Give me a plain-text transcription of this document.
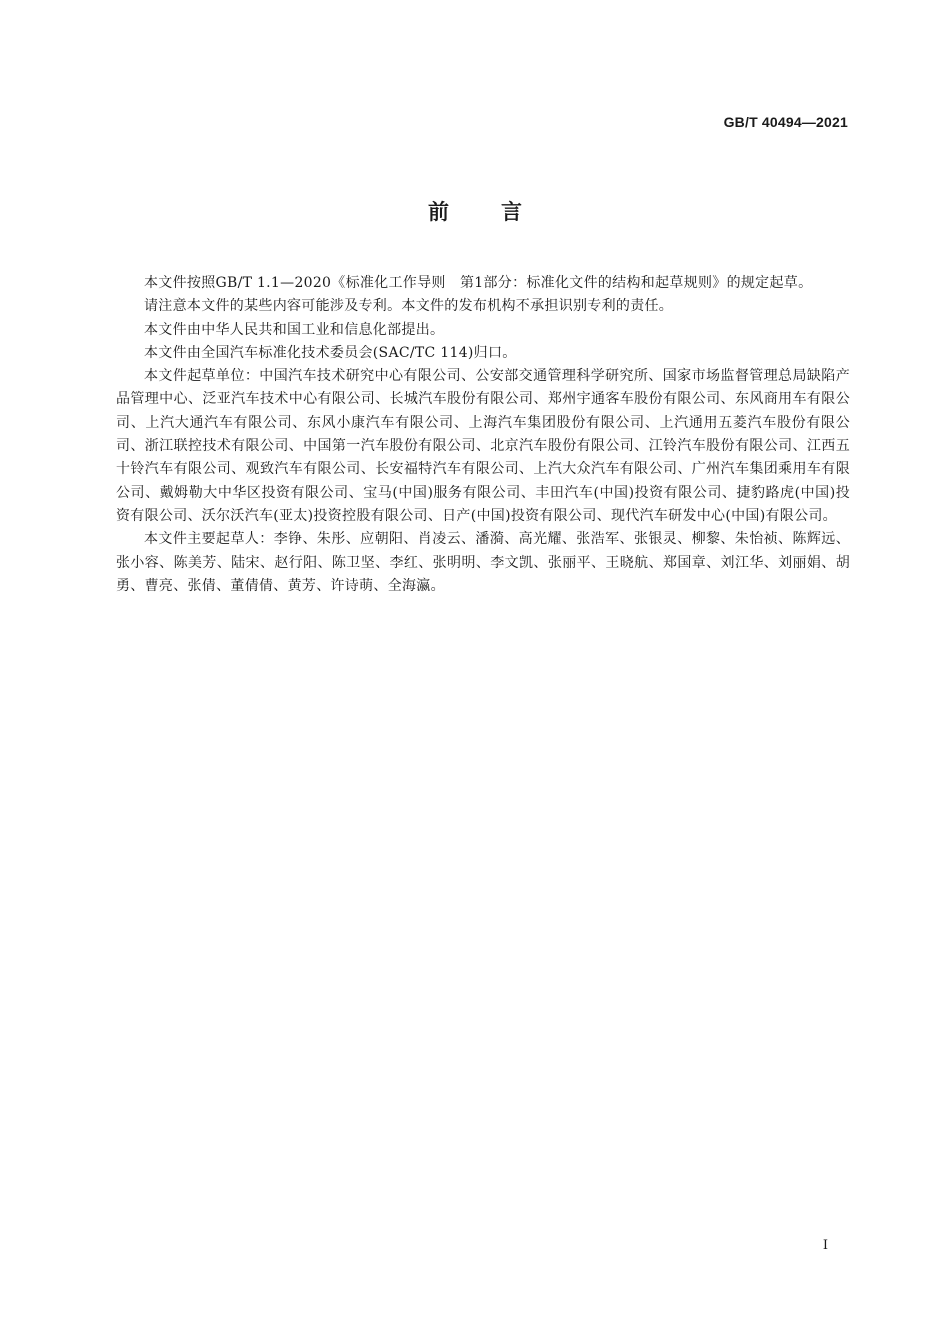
GB/T 40494—2021
前言

本文件按照GB/T 1.1—2020《标准化工作导则　第1部分：标准化文件的结构和起草规则》的规定起草。

请注意本文件的某些内容可能涉及专利。本文件的发布机构不承担识别专利的责任。

本文件由中华人民共和国工业和信息化部提出。

本文件由全国汽车标准化技术委员会(SAC/TC 114)归口。

本文件起草单位：中国汽车技术研究中心有限公司、公安部交通管理科学研究所、国家市场监督管理总局缺陷产品管理中心、泛亚汽车技术中心有限公司、长城汽车股份有限公司、郑州宇通客车股份有限公司、东风商用车有限公司、上汽大通汽车有限公司、东风小康汽车有限公司、上海汽车集团股份有限公司、上汽通用五菱汽车股份有限公司、浙江联控技术有限公司、中国第一汽车股份有限公司、北京汽车股份有限公司、江铃汽车股份有限公司、江西五十铃汽车有限公司、观致汽车有限公司、长安福特汽车有限公司、上汽大众汽车有限公司、广州汽车集团乘用车有限公司、戴姆勒大中华区投资有限公司、宝马(中国)服务有限公司、丰田汽车(中国)投资有限公司、捷豹路虎(中国)投资有限公司、沃尔沃汽车(亚太)投资控股有限公司、日产(中国)投资有限公司、现代汽车研发中心(中国)有限公司。

本文件主要起草人：李铮、朱彤、应朝阳、肖凌云、潘漪、高光耀、张浩军、张银灵、柳黎、朱怡祯、陈辉远、张小容、陈美芳、陆宋、赵行阳、陈卫坚、李红、张明明、李文凯、张丽平、王晓航、郑国章、刘江华、刘丽娟、胡勇、曹亮、张倩、董倩倩、黄芳、许诗萌、全海瀛。

I
